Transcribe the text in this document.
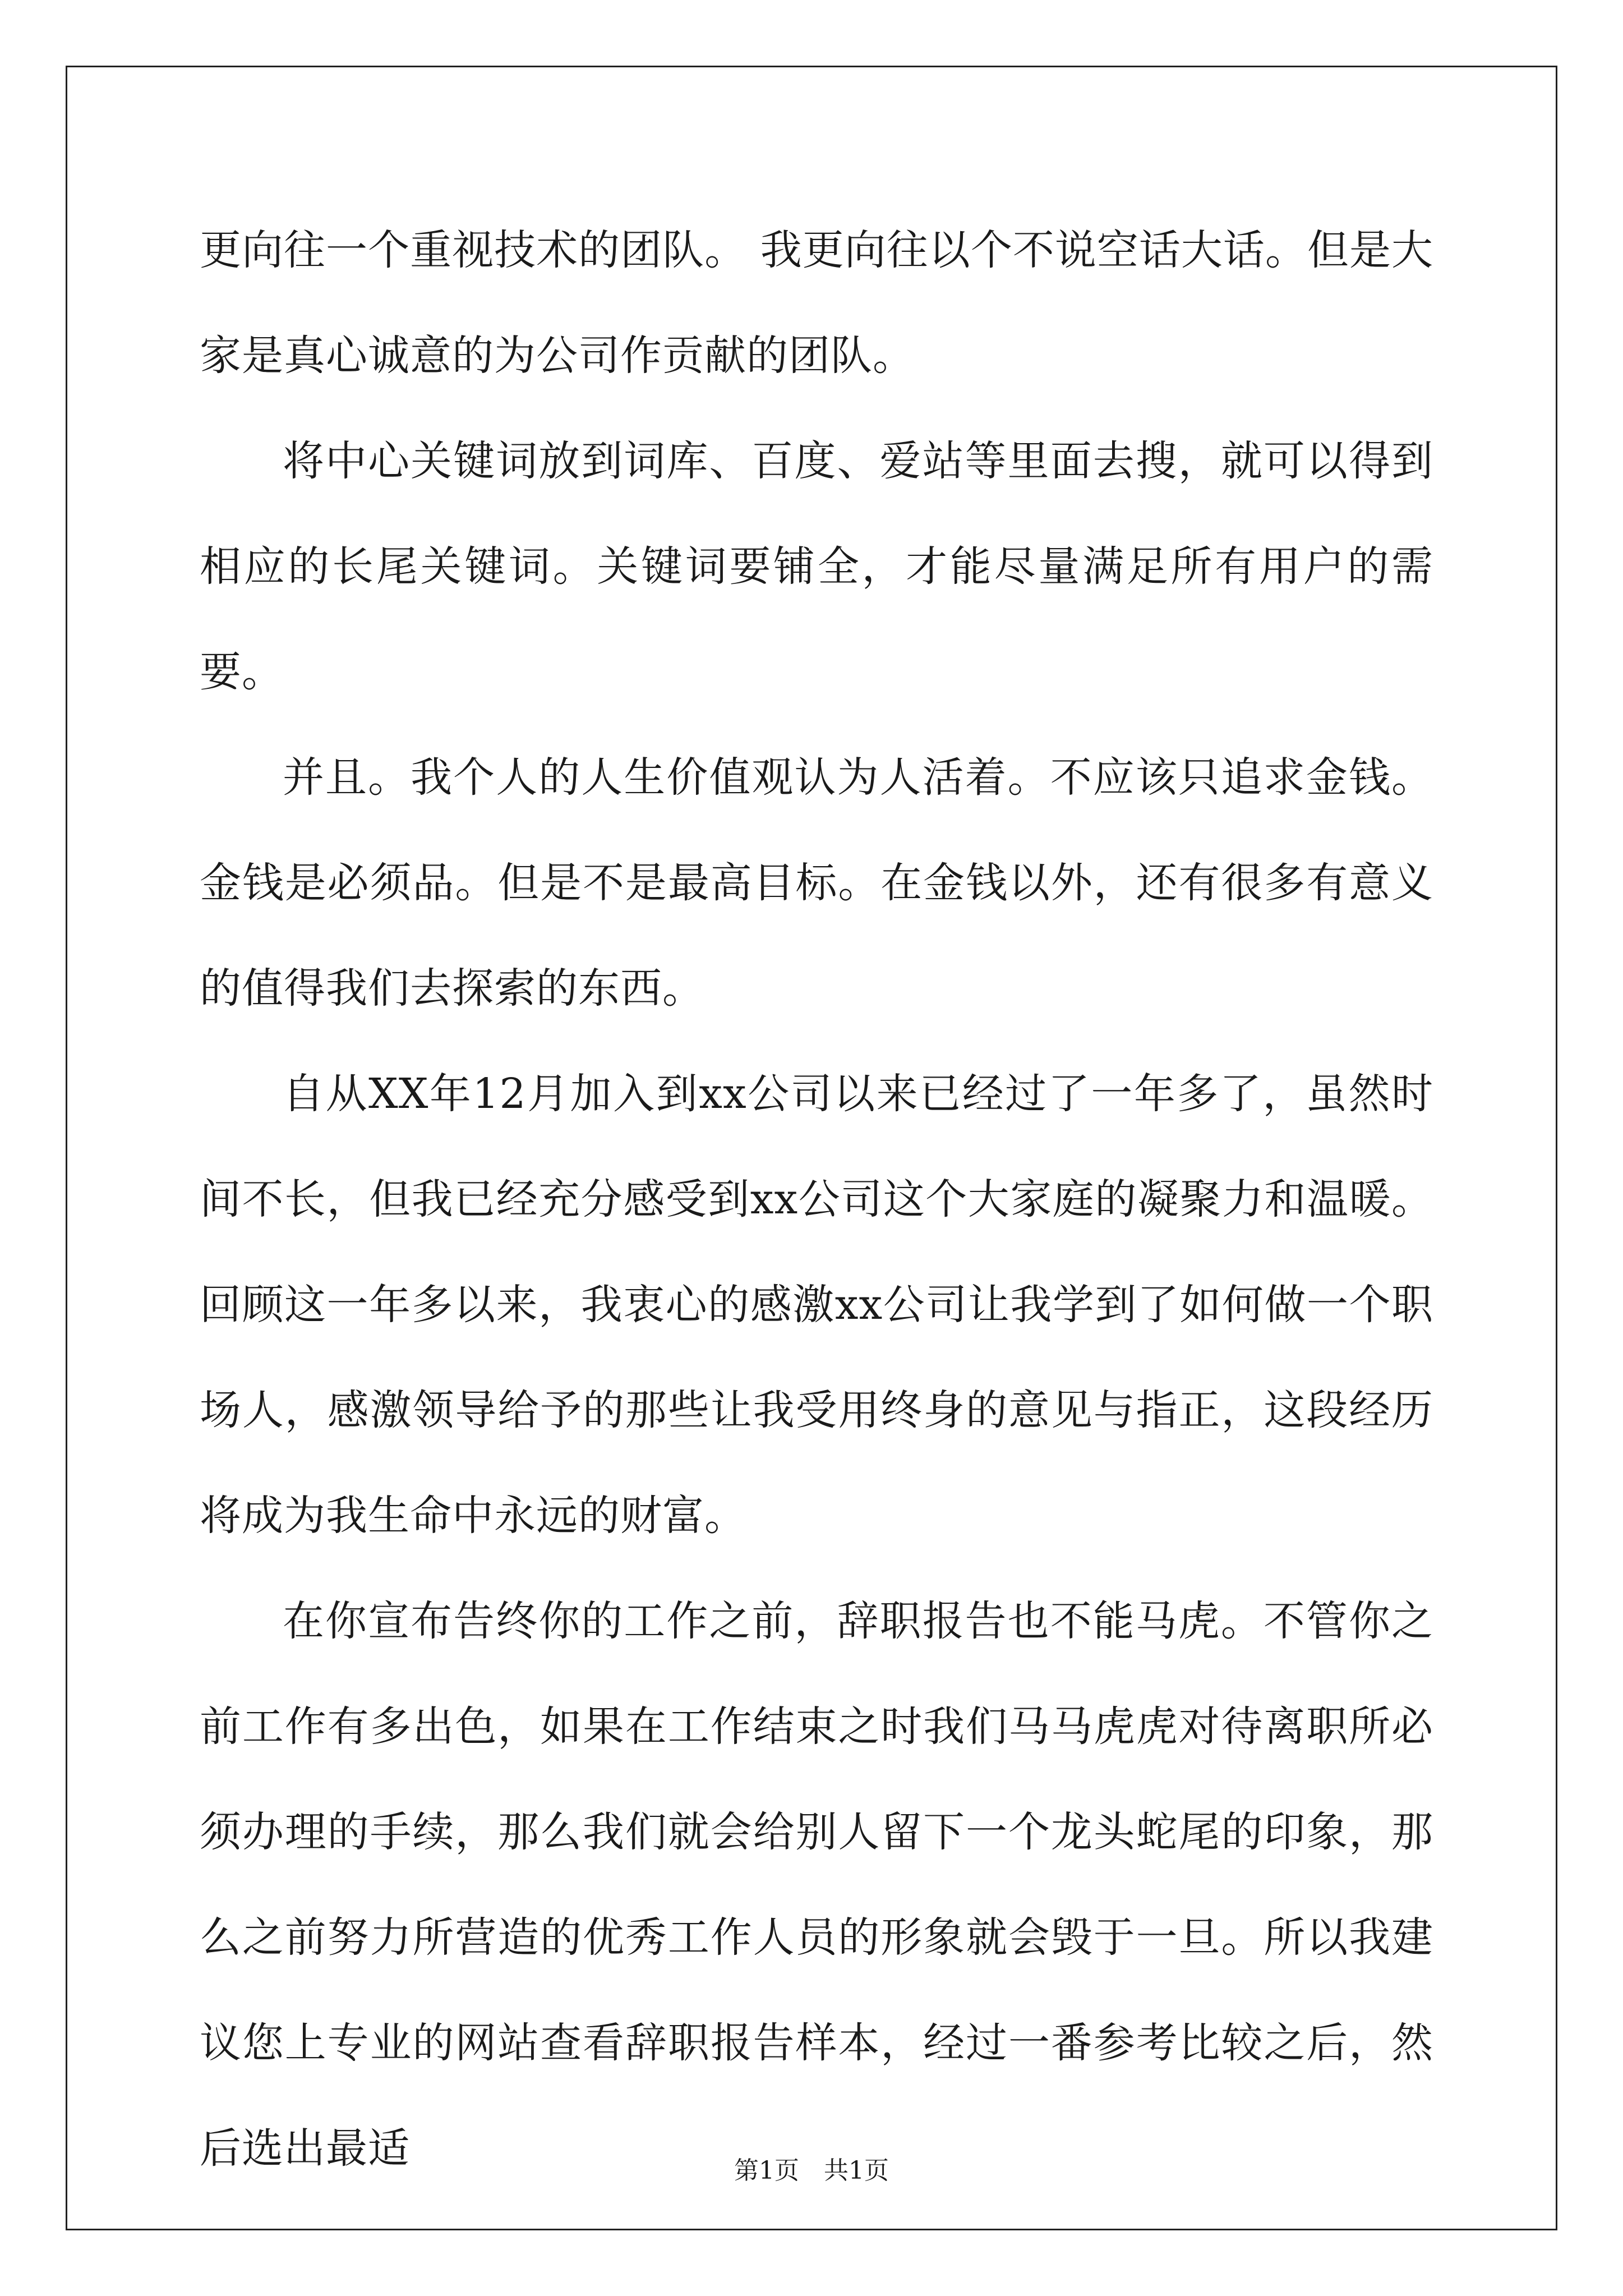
更向往一个重视技术的团队。 我更向往以个不说空话大话。但是大家是真心诚意的为公司作贡献的团队。

将中心关键词放到词库、百度、爱站等里面去搜，就可以得到相应的长尾关键词。关键词要铺全，才能尽量满足所有用户的需要。

并且。我个人的人生价值观认为人活着。不应该只追求金钱。金钱是必须品。但是不是最高目标。在金钱以外，还有很多有意义的值得我们去探索的东西。

自从XX年12月加入到xx公司以来已经过了一年多了，虽然时间不长，但我已经充分感受到xx公司这个大家庭的凝聚力和温暖。回顾这一年多以来，我衷心的感激xx公司让我学到了如何做一个职场人，感激领导给予的那些让我受用终身的意见与指正，这段经历将成为我生命中永远的财富。

在你宣布告终你的工作之前，辞职报告也不能马虎。不管你之前工作有多出色，如果在工作结束之时我们马马虎虎对待离职所必须办理的手续，那么我们就会给别人留下一个龙头蛇尾的印象，那么之前努力所营造的优秀工作人员的形象就会毁于一旦。所以我建议您上专业的网站查看辞职报告样本，经过一番参考比较之后，然后选出最适	第1页 共1页
